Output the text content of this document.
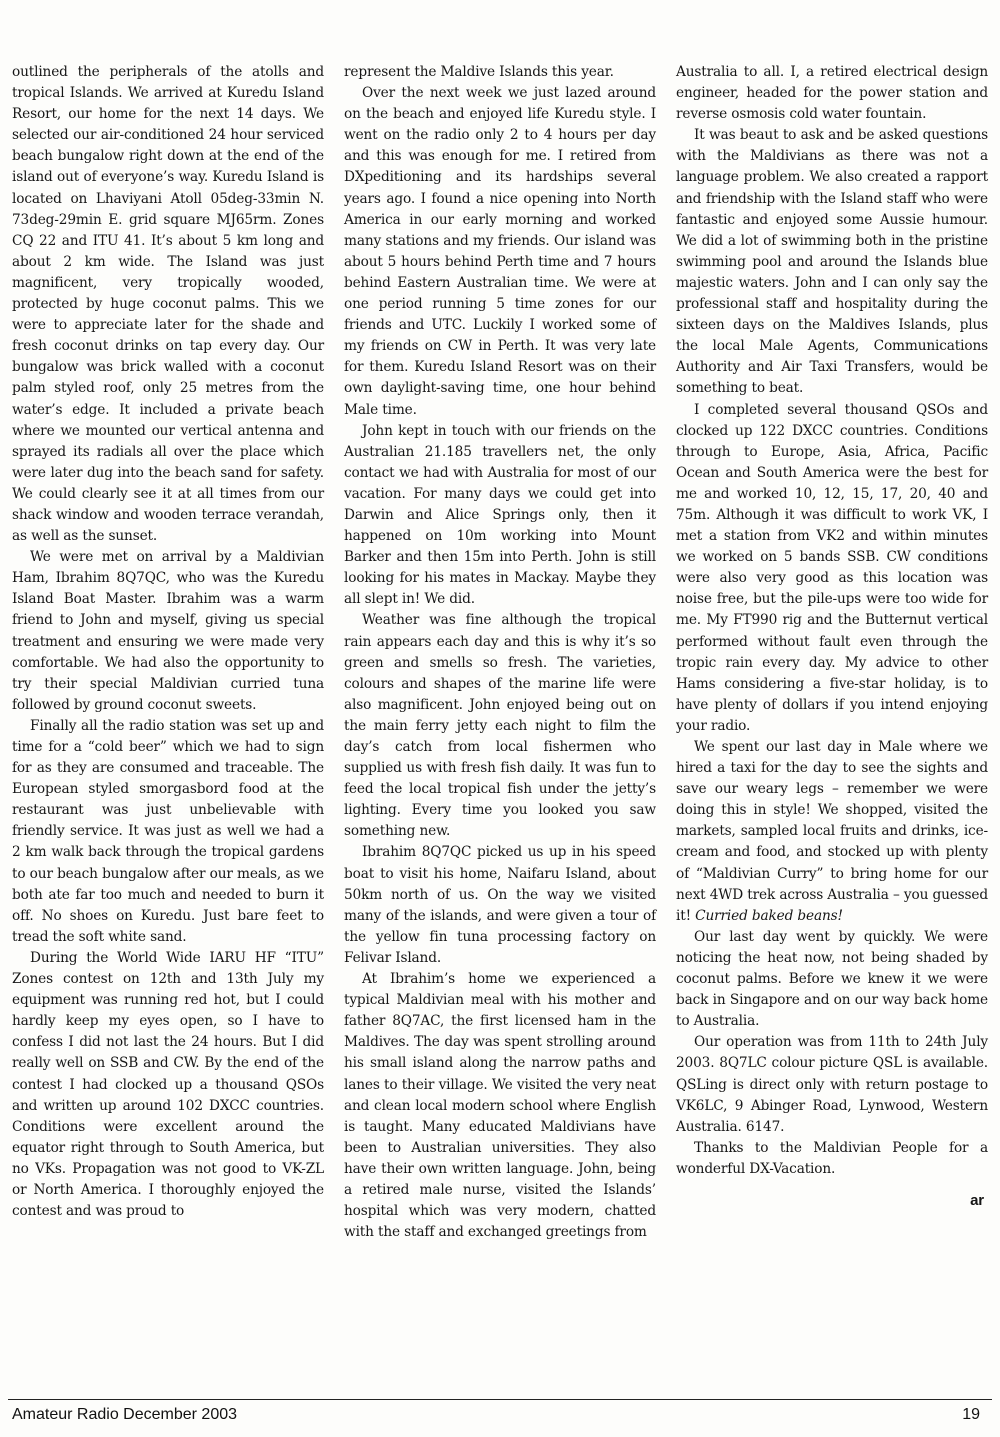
outlined the peripherals of the atolls and tropical Islands. We arrived at Kuredu Island Resort, our home for the next 14 days. We selected our air-conditioned 24 hour serviced beach bungalow right down at the end of the island out of everyone’s way. Kuredu Island is located on Lhaviyani Atoll 05deg-33min N. 73deg-29min E. grid square MJ65rm. Zones CQ 22 and ITU 41. It’s about 5 km long and about 2 km wide. The Island was just magnificent, very tropically wooded, protected by huge coconut palms. This we were to appreciate later for the shade and fresh coconut drinks on tap every day. Our bungalow was brick walled with a coconut palm styled roof, only 25 metres from the water’s edge. It included a private beach where we mounted our vertical antenna and sprayed its radials all over the place which were later dug into the beach sand for safety. We could clearly see it at all times from our shack window and wooden terrace verandah, as well as the sunset.

We were met on arrival by a Maldivian Ham, Ibrahim 8Q7QC, who was the Kuredu Island Boat Master. Ibrahim was a warm friend to John and myself, giving us special treatment and ensuring we were made very comfortable. We had also the opportunity to try their special Maldivian curried tuna followed by ground coconut sweets.

Finally all the radio station was set up and time for a “cold beer” which we had to sign for as they are consumed and traceable. The European styled smorgasbord food at the restaurant was just unbelievable with friendly service. It was just as well we had a 2 km walk back through the tropical gardens to our beach bungalow after our meals, as we both ate far too much and needed to burn it off. No shoes on Kuredu. Just bare feet to tread the soft white sand.

During the World Wide IARU HF “ITU” Zones contest on 12th and 13th July my equipment was running red hot, but I could hardly keep my eyes open, so I have to confess I did not last the 24 hours. But I did really well on SSB and CW. By the end of the contest I had clocked up a thousand QSOs and written up around 102 DXCC countries. Conditions were excellent around the equator right through to South America, but no VKs. Propagation was not good to VK-ZL or North America. I thoroughly enjoyed the contest and was proud to

represent the Maldive Islands this year.

Over the next week we just lazed around on the beach and enjoyed life Kuredu style. I went on the radio only 2 to 4 hours per day and this was enough for me. I retired from DXpeditioning and its hardships several years ago. I found a nice opening into North America in our early morning and worked many stations and my friends. Our island was about 5 hours behind Perth time and 7 hours behind Eastern Australian time. We were at one period running 5 time zones for our friends and UTC. Luckily I worked some of my friends on CW in Perth. It was very late for them. Kuredu Island Resort was on their own daylight-saving time, one hour behind Male time.

John kept in touch with our friends on the Australian 21.185 travellers net, the only contact we had with Australia for most of our vacation. For many days we could get into Darwin and Alice Springs only, then it happened on 10m working into Mount Barker and then 15m into Perth. John is still looking for his mates in Mackay. Maybe they all slept in! We did.

Weather was fine although the tropical rain appears each day and this is why it’s so green and smells so fresh. The varieties, colours and shapes of the marine life were also magnificent. John enjoyed being out on the main ferry jetty each night to film the day’s catch from local fishermen who supplied us with fresh fish daily. It was fun to feed the local tropical fish under the jetty’s lighting. Every time you looked you saw something new.

Ibrahim 8Q7QC picked us up in his speed boat to visit his home, Naifaru Island, about 50km north of us. On the way we visited many of the islands, and were given a tour of the yellow fin tuna processing factory on Felivar Island.

At Ibrahim’s home we experienced a typical Maldivian meal with his mother and father 8Q7AC, the first licensed ham in the Maldives. The day was spent strolling around his small island along the narrow paths and lanes to their village. We visited the very neat and clean local modern school where English is taught. Many educated Maldivians have been to Australian universities. They also have their own written language. John, being a retired male nurse, visited the Islands’ hospital which was very modern, chatted with the staff and exchanged greetings from

Australia to all. I, a retired electrical design engineer, headed for the power station and reverse osmosis cold water fountain.

It was beaut to ask and be asked questions with the Maldivians as there was not a language problem. We also created a rapport and friendship with the Island staff who were fantastic and enjoyed some Aussie humour. We did a lot of swimming both in the pristine swimming pool and around the Islands blue majestic waters. John and I can only say the professional staff and hospitality during the sixteen days on the Maldives Islands, plus the local Male Agents, Communications Authority and Air Taxi Transfers, would be something to beat.

I completed several thousand QSOs and clocked up 122 DXCC countries. Conditions through to Europe, Asia, Africa, Pacific Ocean and South America were the best for me and worked 10, 12, 15, 17, 20, 40 and 75m. Although it was difficult to work VK, I met a station from VK2 and within minutes we worked on 5 bands SSB. CW conditions were also very good as this location was noise free, but the pile-ups were too wide for me. My FT990 rig and the Butternut vertical performed without fault even through the tropic rain every day. My advice to other Hams considering a five-star holiday, is to have plenty of dollars if you intend enjoying your radio.

We spent our last day in Male where we hired a taxi for the day to see the sights and save our weary legs – remember we were doing this in style! We shopped, visited the markets, sampled local fruits and drinks, ice-cream and food, and stocked up with plenty of “Maldivian Curry” to bring home for our next 4WD trek across Australia – you guessed it! Curried baked beans!

Our last day went by quickly. We were noticing the heat now, not being shaded by coconut palms. Before we knew it we were back in Singapore and on our way back home to Australia.

Our operation was from 11th to 24th July 2003. 8Q7LC colour picture QSL is available. QSLing is direct only with return postage to VK6LC, 9 Abinger Road, Lynwood, Western Australia. 6147.

Thanks to the Maldivian People for a wonderful DX-Vacation.

ar
Amateur Radio December 2003	19
